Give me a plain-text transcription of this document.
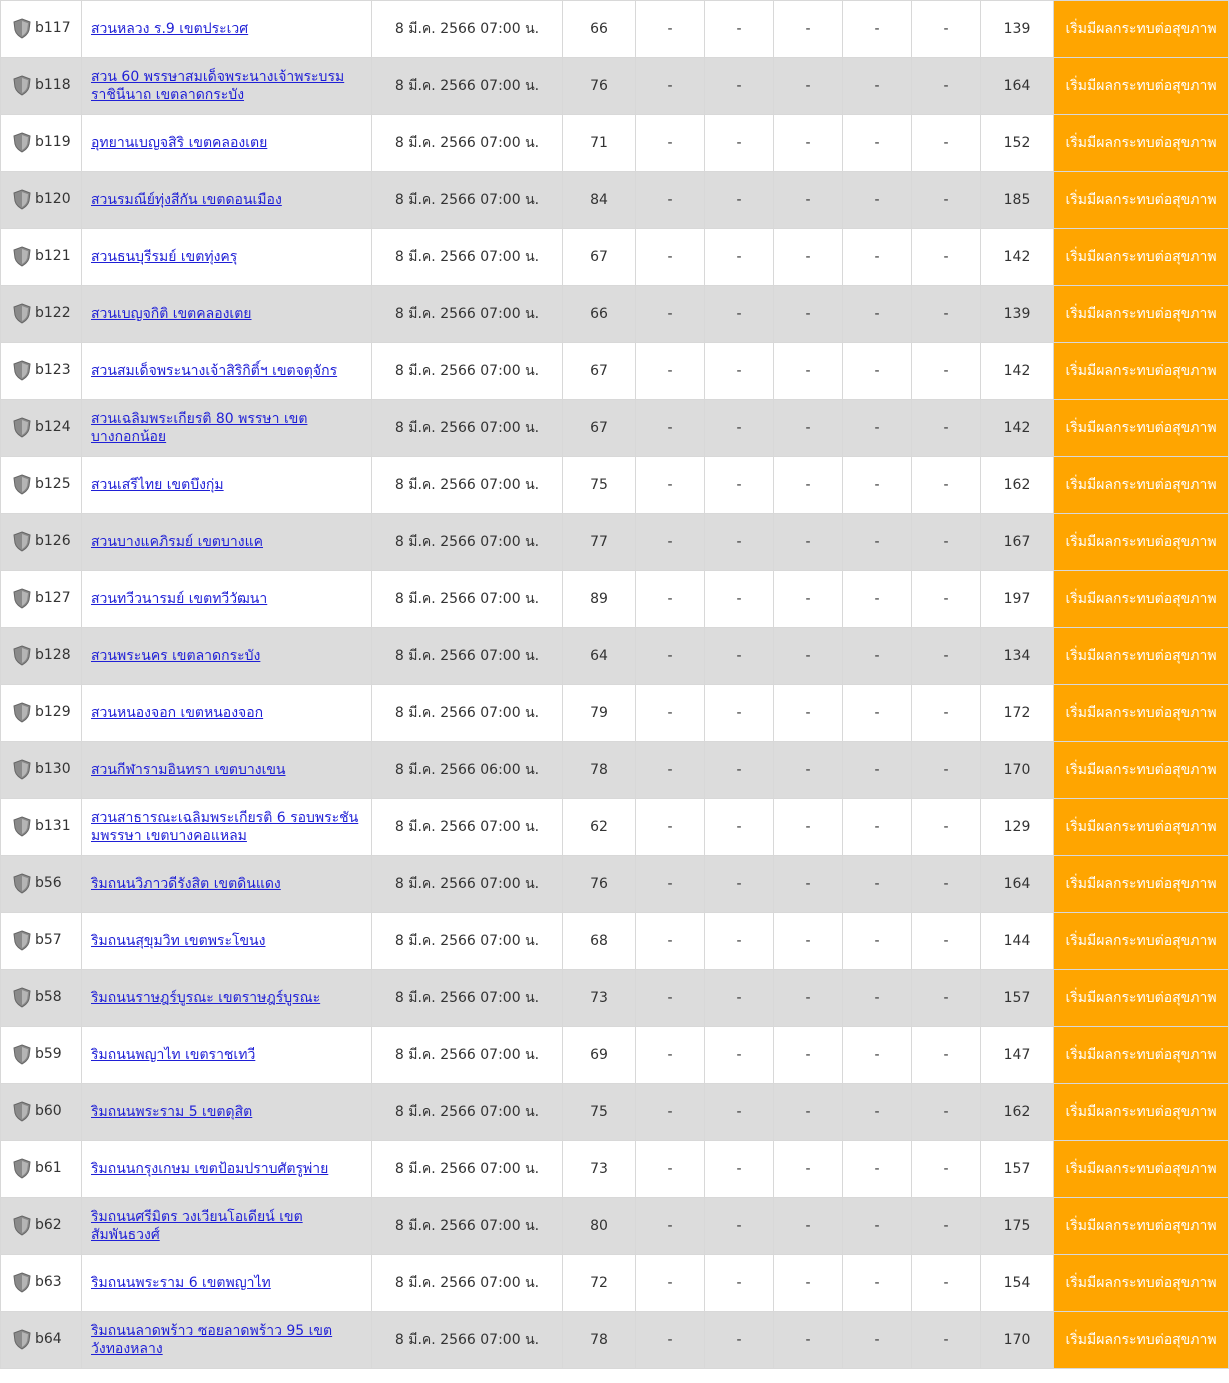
b117	สวนหลวง ร.9 เขตประเวศ	8 มี.ค. 2566 07:00 น.	66	-	-	-	-	-	139	เริ่มมีผลกระทบต่อสุขภาพ

b118	สวน 60 พรรษาสมเด็จพระนางเจ้าพระบรมราชินีนาถ เขตลาดกระบัง	8 มี.ค. 2566 07:00 น.	76	-	-	-	-	-	164	เริ่มมีผลกระทบต่อสุขภาพ

b119	อุทยานเบญจสิริ เขตคลองเตย	8 มี.ค. 2566 07:00 น.	71	-	-	-	-	-	152	เริ่มมีผลกระทบต่อสุขภาพ

b120	สวนรมณีย์ทุ่งสีกัน เขตดอนเมือง	8 มี.ค. 2566 07:00 น.	84	-	-	-	-	-	185	เริ่มมีผลกระทบต่อสุขภาพ

b121	สวนธนบุรีรมย์ เขตทุ่งครุ	8 มี.ค. 2566 07:00 น.	67	-	-	-	-	-	142	เริ่มมีผลกระทบต่อสุขภาพ

b122	สวนเบญจกิติ เขตคลองเตย	8 มี.ค. 2566 07:00 น.	66	-	-	-	-	-	139	เริ่มมีผลกระทบต่อสุขภาพ

b123	สวนสมเด็จพระนางเจ้าสิริกิติ์ฯ เขตจตุจักร	8 มี.ค. 2566 07:00 น.	67	-	-	-	-	-	142	เริ่มมีผลกระทบต่อสุขภาพ

b124	สวนเฉลิมพระเกียรติ 80 พรรษา เขตบางกอกน้อย	8 มี.ค. 2566 07:00 น.	67	-	-	-	-	-	142	เริ่มมีผลกระทบต่อสุขภาพ

b125	สวนเสรีไทย เขตบึงกุ่ม	8 มี.ค. 2566 07:00 น.	75	-	-	-	-	-	162	เริ่มมีผลกระทบต่อสุขภาพ

b126	สวนบางแคภิรมย์ เขตบางแค	8 มี.ค. 2566 07:00 น.	77	-	-	-	-	-	167	เริ่มมีผลกระทบต่อสุขภาพ

b127	สวนทวีวนารมย์ เขตทวีวัฒนา	8 มี.ค. 2566 07:00 น.	89	-	-	-	-	-	197	เริ่มมีผลกระทบต่อสุขภาพ

b128	สวนพระนคร เขตลาดกระบัง	8 มี.ค. 2566 07:00 น.	64	-	-	-	-	-	134	เริ่มมีผลกระทบต่อสุขภาพ

b129	สวนหนองจอก เขตหนองจอก	8 มี.ค. 2566 07:00 น.	79	-	-	-	-	-	172	เริ่มมีผลกระทบต่อสุขภาพ

b130	สวนกีฬารามอินทรา เขตบางเขน	8 มี.ค. 2566 06:00 น.	78	-	-	-	-	-	170	เริ่มมีผลกระทบต่อสุขภาพ

b131	สวนสาธารณะเฉลิมพระเกียรติ 6 รอบพระชันมพรรษา เขตบางคอแหลม	8 มี.ค. 2566 07:00 น.	62	-	-	-	-	-	129	เริ่มมีผลกระทบต่อสุขภาพ

b56	ริมถนนวิภาวดีรังสิต เขตดินแดง	8 มี.ค. 2566 07:00 น.	76	-	-	-	-	-	164	เริ่มมีผลกระทบต่อสุขภาพ

b57	ริมถนนสุขุมวิท เขตพระโขนง	8 มี.ค. 2566 07:00 น.	68	-	-	-	-	-	144	เริ่มมีผลกระทบต่อสุขภาพ

b58	ริมถนนราษฎร์บูรณะ เขตราษฎร์บูรณะ	8 มี.ค. 2566 07:00 น.	73	-	-	-	-	-	157	เริ่มมีผลกระทบต่อสุขภาพ

b59	ริมถนนพญาไท เขตราชเทวี	8 มี.ค. 2566 07:00 น.	69	-	-	-	-	-	147	เริ่มมีผลกระทบต่อสุขภาพ

b60	ริมถนนพระราม 5 เขตดุสิต	8 มี.ค. 2566 07:00 น.	75	-	-	-	-	-	162	เริ่มมีผลกระทบต่อสุขภาพ

b61	ริมถนนกรุงเกษม เขตป้อมปราบศัตรูพ่าย	8 มี.ค. 2566 07:00 น.	73	-	-	-	-	-	157	เริ่มมีผลกระทบต่อสุขภาพ

b62	ริมถนนศรีมิตร วงเวียนโอเดียน์ เขตสัมพันธวงศ์	8 มี.ค. 2566 07:00 น.	80	-	-	-	-	-	175	เริ่มมีผลกระทบต่อสุขภาพ

b63	ริมถนนพระราม 6 เขตพญาไท	8 มี.ค. 2566 07:00 น.	72	-	-	-	-	-	154	เริ่มมีผลกระทบต่อสุขภาพ

b64	ริมถนนลาดพร้าว ซอยลาดพร้าว 95 เขตวังทองหลาง	8 มี.ค. 2566 07:00 น.	78	-	-	-	-	-	170	เริ่มมีผลกระทบต่อสุขภาพ
